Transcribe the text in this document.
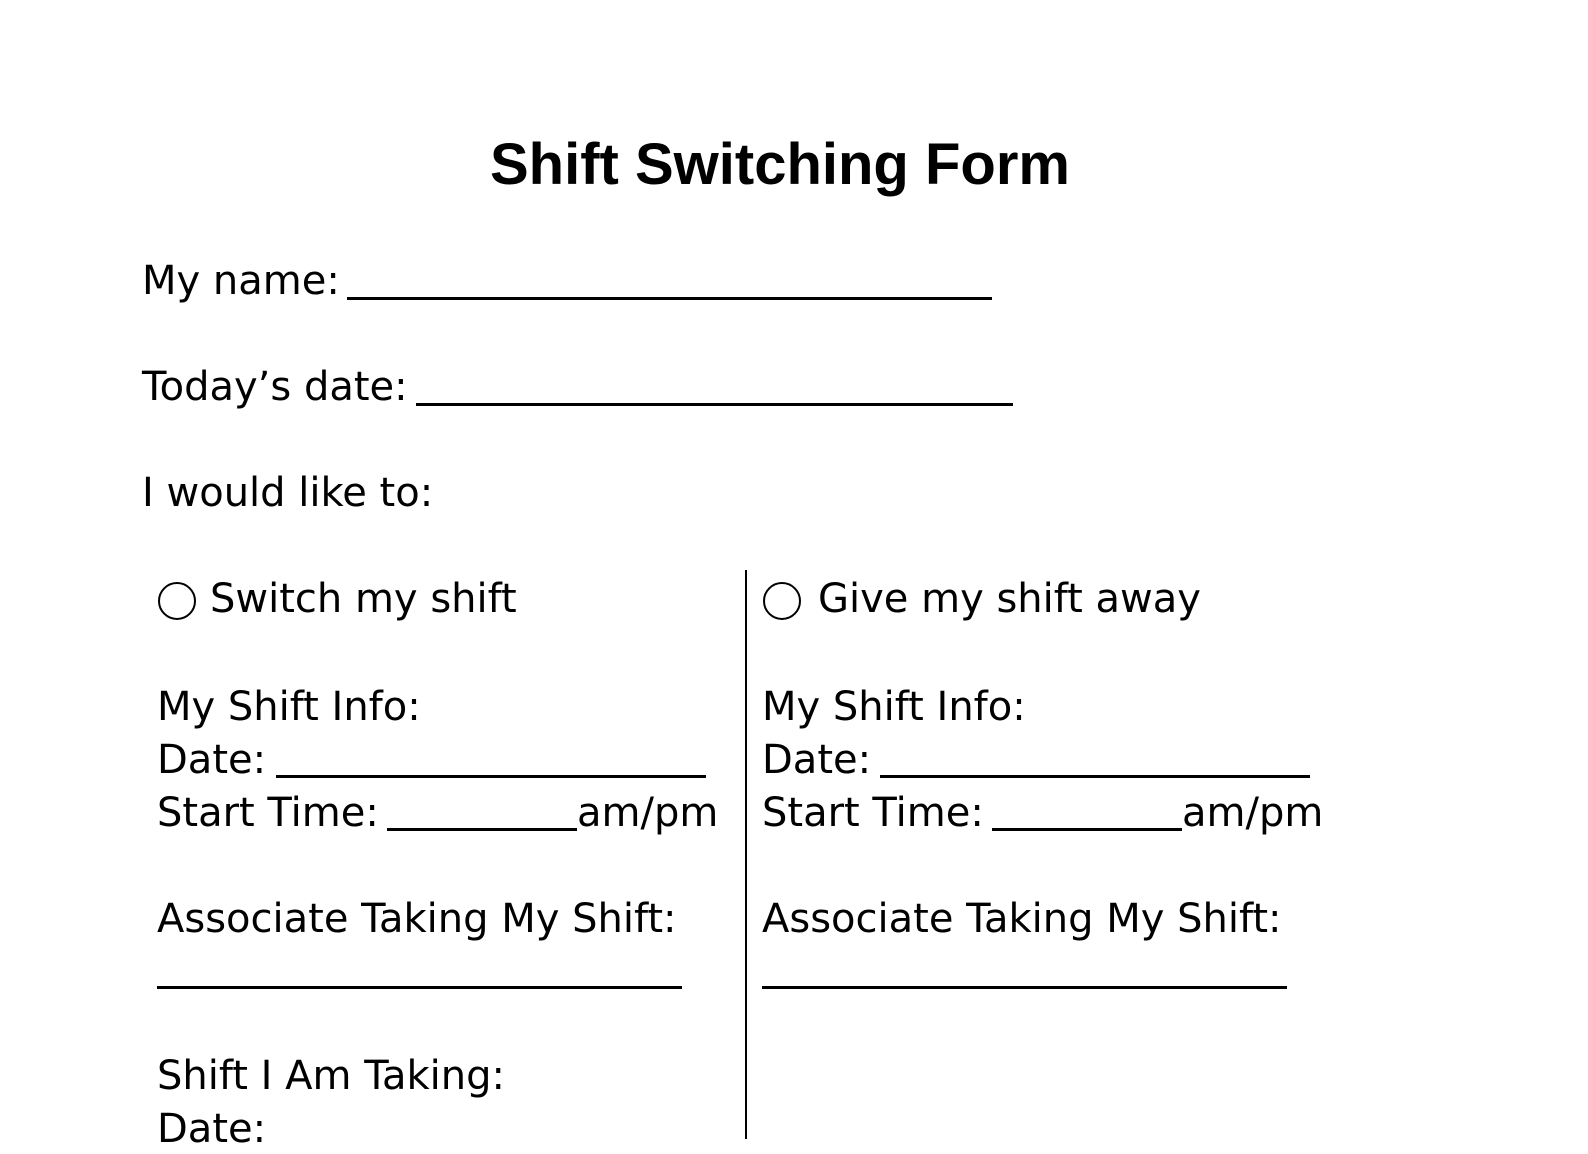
Shift Switching Form
My name:
Today’s date:
I would like to:
Switch my shift
My Shift Info:
Date:
Start Time:	am/pm
Associate Taking My Shift:
Shift I Am Taking:
Date:
Give my shift away
My Shift Info:
Date:
Start Time:	am/pm
Associate Taking My Shift:
